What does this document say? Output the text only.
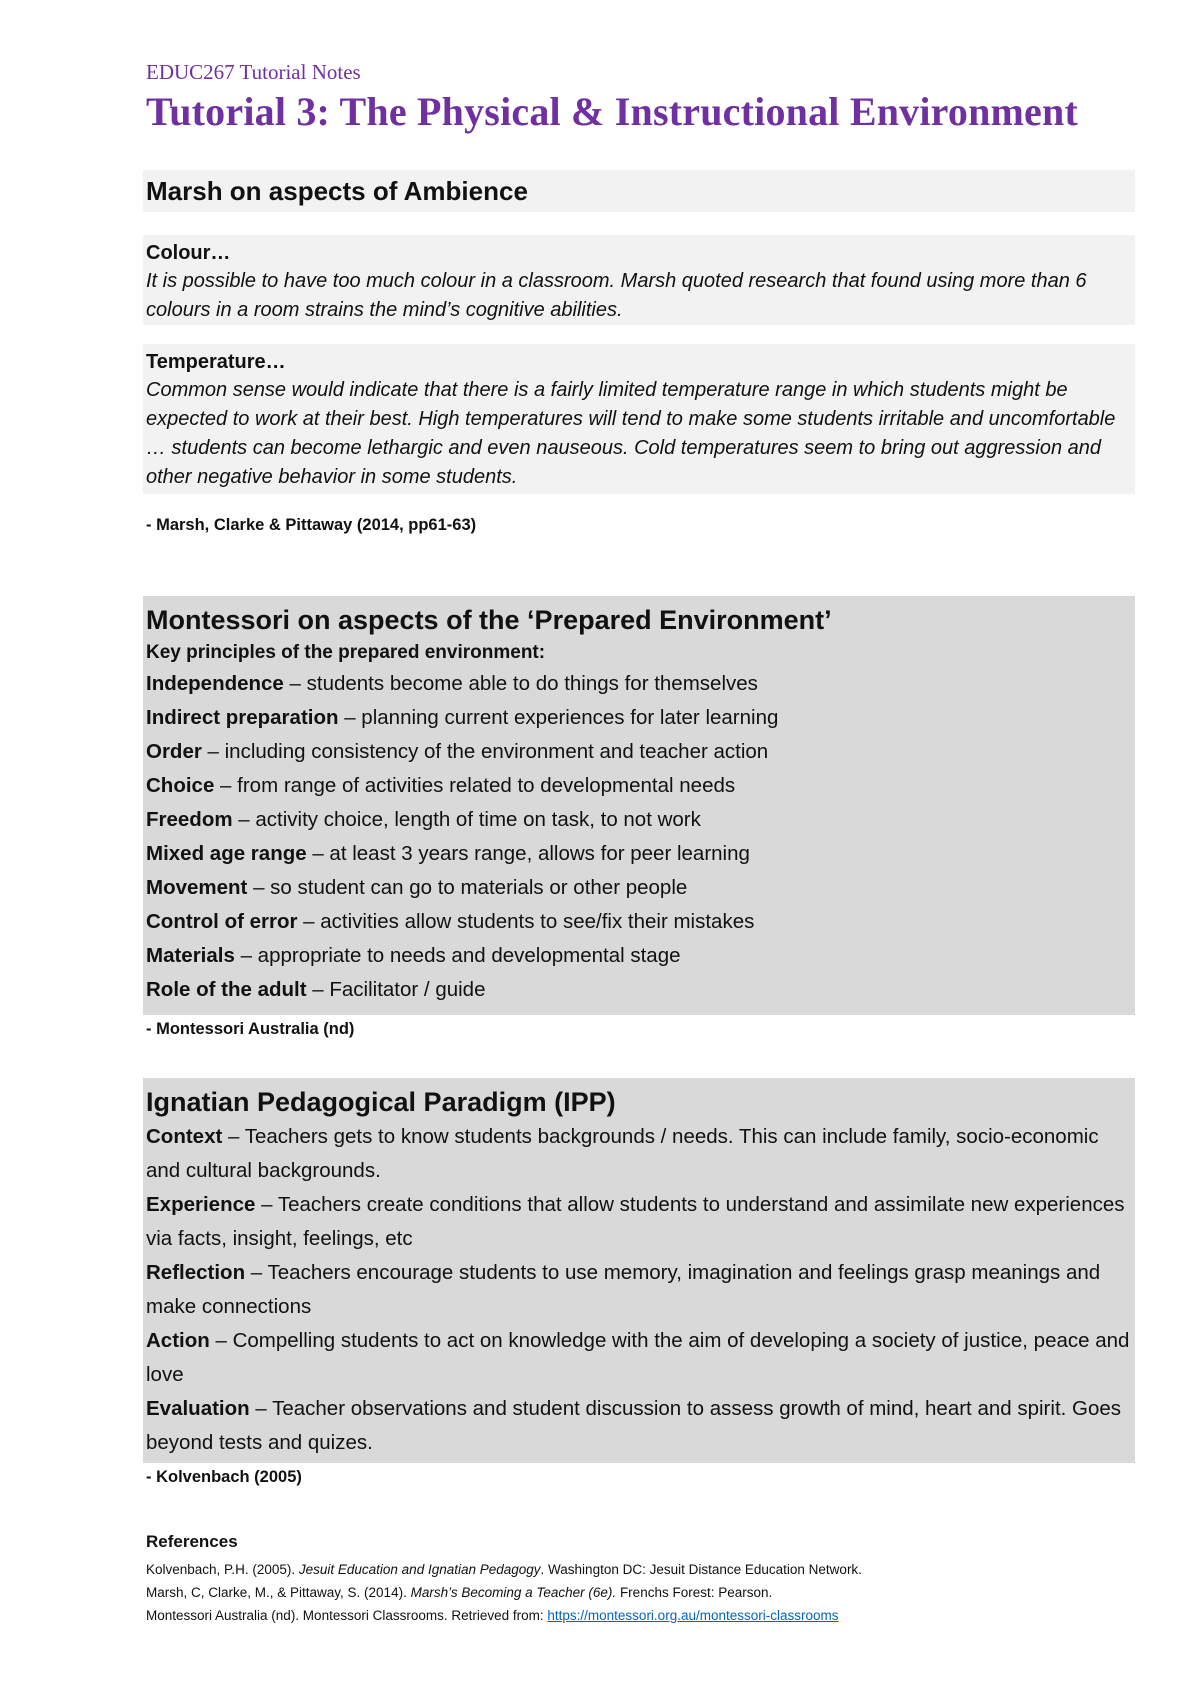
EDUC267 Tutorial Notes
Tutorial 3: The Physical & Instructional Environment
Marsh on aspects of Ambience
Colour…
It is possible to have too much colour in a classroom. Marsh quoted research that found using more than 6 colours in a room strains the mind’s cognitive abilities.
Temperature…
Common sense would indicate that there is a fairly limited temperature range in which students might be expected to work at their best. High temperatures will tend to make some students irritable and uncomfortable … students can become lethargic and even nauseous. Cold temperatures seem to bring out aggression and other negative behavior in some students.
- Marsh, Clarke & Pittaway (2014, pp61-63)
Montessori on aspects of the ‘Prepared Environment’
Key principles of the prepared environment:
Independence – students become able to do things for themselves
Indirect preparation – planning current experiences for later learning
Order – including consistency of the environment and teacher action
Choice – from range of activities related to developmental needs
Freedom – activity choice, length of time on task, to not work
Mixed age range – at least 3 years range, allows for peer learning
Movement – so student can go to materials or other people
Control of error – activities allow students to see/fix their mistakes
Materials – appropriate to needs and developmental stage
Role of the adult – Facilitator / guide
- Montessori Australia (nd)
Ignatian Pedagogical Paradigm (IPP)
Context – Teachers gets to know students backgrounds / needs. This can include family, socio-economic and cultural backgrounds.
Experience – Teachers create conditions that allow students to understand and assimilate new experiences via facts, insight, feelings, etc
Reflection – Teachers encourage students to use memory, imagination and feelings grasp meanings and make connections
Action – Compelling students to act on knowledge with the aim of developing a society of justice, peace and love
Evaluation – Teacher observations and student discussion to assess growth of mind, heart and spirit. Goes beyond tests and quizes.
- Kolvenbach (2005)
References
Kolvenbach, P.H. (2005). Jesuit Education and Ignatian Pedagogy. Washington DC: Jesuit Distance Education Network.
Marsh, C, Clarke, M., & Pittaway, S. (2014). Marsh’s Becoming a Teacher (6e). Frenchs Forest: Pearson.
Montessori Australia (nd). Montessori Classrooms. Retrieved from: https://montessori.org.au/montessori-classrooms
